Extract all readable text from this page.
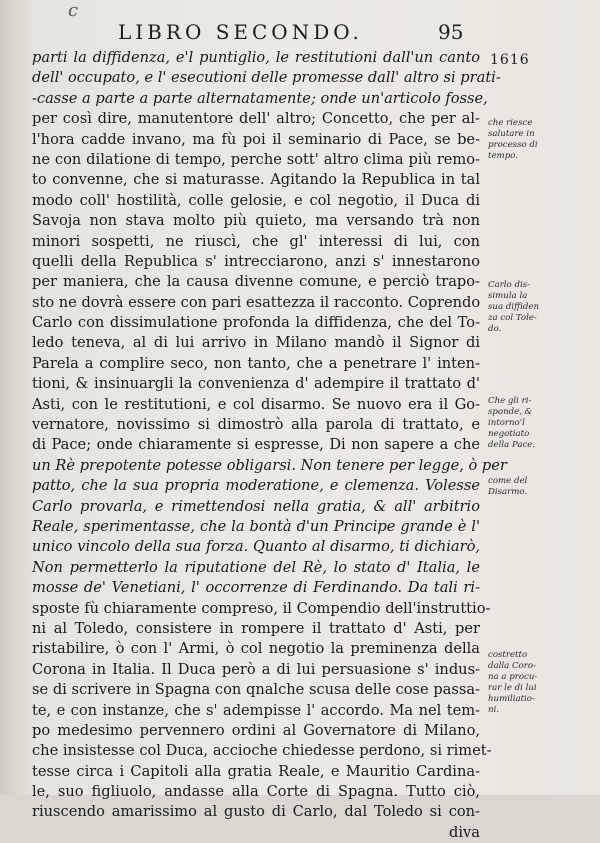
c
LIBRO SECONDO.	95
1616
parti la diffidenza, e'l puntiglio, le restitutioni dall'un canto
dell' occupato, e l' esecutioni delle promesse dall' altro si prati-
-casse a parte a parte alternatamente; onde un'articolo fosse,
per così dire, manutentore dell' altro; Concetto, che per al-
l'hora cadde invano, ma fù poi il seminario di Pace, se be-
ne con dilatione di tempo, perche sott' altro clima più remo-
to convenne, che si maturasse. Agitando la Republica in tal
modo coll' hostilità, colle gelosie, e col negotio, il Duca di
Savoja non stava molto più quieto, ma versando trà non
minori sospetti, ne riuscì, che gl' interessi di lui, con
quelli della Republica s' intrecciarono, anzi s' innestarono
per maniera, che la causa divenne comune, e perciò trapo-
sto ne dovrà essere con pari esattezza il racconto. Coprendo
Carlo con dissimulatione profonda la diffidenza, che del To-
ledo teneva, al di lui arrivo in Milano mandò il Signor di
Parela a complire seco, non tanto, che a penetrare l' inten-
tioni, & insinuargli la convenienza d' adempire il trattato d'
Asti, con le restitutioni, e col disarmo. Se nuovo era il Go-
vernatore, novissimo si dimostrò alla parola di trattato, e
di Pace; onde chiaramente si espresse, Di non sapere a che
un Rè prepotente potesse obligarsi. Non tenere per legge, ò per
patto, che la sua propria moderatione, e clemenza. Volesse
Carlo provarla, e rimettendosi nella gratia, & all' arbitrio
Reale, sperimentasse, che la bontà d'un Principe grande è l'
unico vincolo della sua forza. Quanto al disarmo, ti dichiarò,
Non permetterlo la riputatione del Rè, lo stato d' Italia, le
mosse de' Venetiani, l' occorrenze di Ferdinando. Da tali ri-
sposte fù chiaramente compreso, il Compendio dell'instruttio-
ni al Toledo, consistere in rompere il trattato d' Asti, per
ristabilire, ò con l' Armi, ò col negotio la preminenza della
Corona in Italia. Il Duca però a di lui persuasione s' indus-
se di scrivere in Spagna con qnalche scusa delle cose passa-
te, e con instanze, che s' adempisse l' accordo. Ma nel tem-
po medesimo pervennero ordini al Governatore di Milano,
che insistesse col Duca, accioche chiedesse perdono, si rimet-
tesse circa i Capitoli alla gratia Reale, e Mauritio Cardina-
le, suo figliuolo, andasse alla Corte di Spagna. Tutto ciò,
riuscendo amarissimo al gusto di Carlo, dal Toledo si con-
diva
che riesce
salutare in
processo di
tempo.
Carlo dis-
simula la
sua diffiden
za col Tole-
do.
Che gli ri-
sponde, &
intorno'l
negotiato
della Pace.
come del
Disarmo.
costretto
dalla Coro-
na a procu-
rar le di lui
humiliatio-
ni.
